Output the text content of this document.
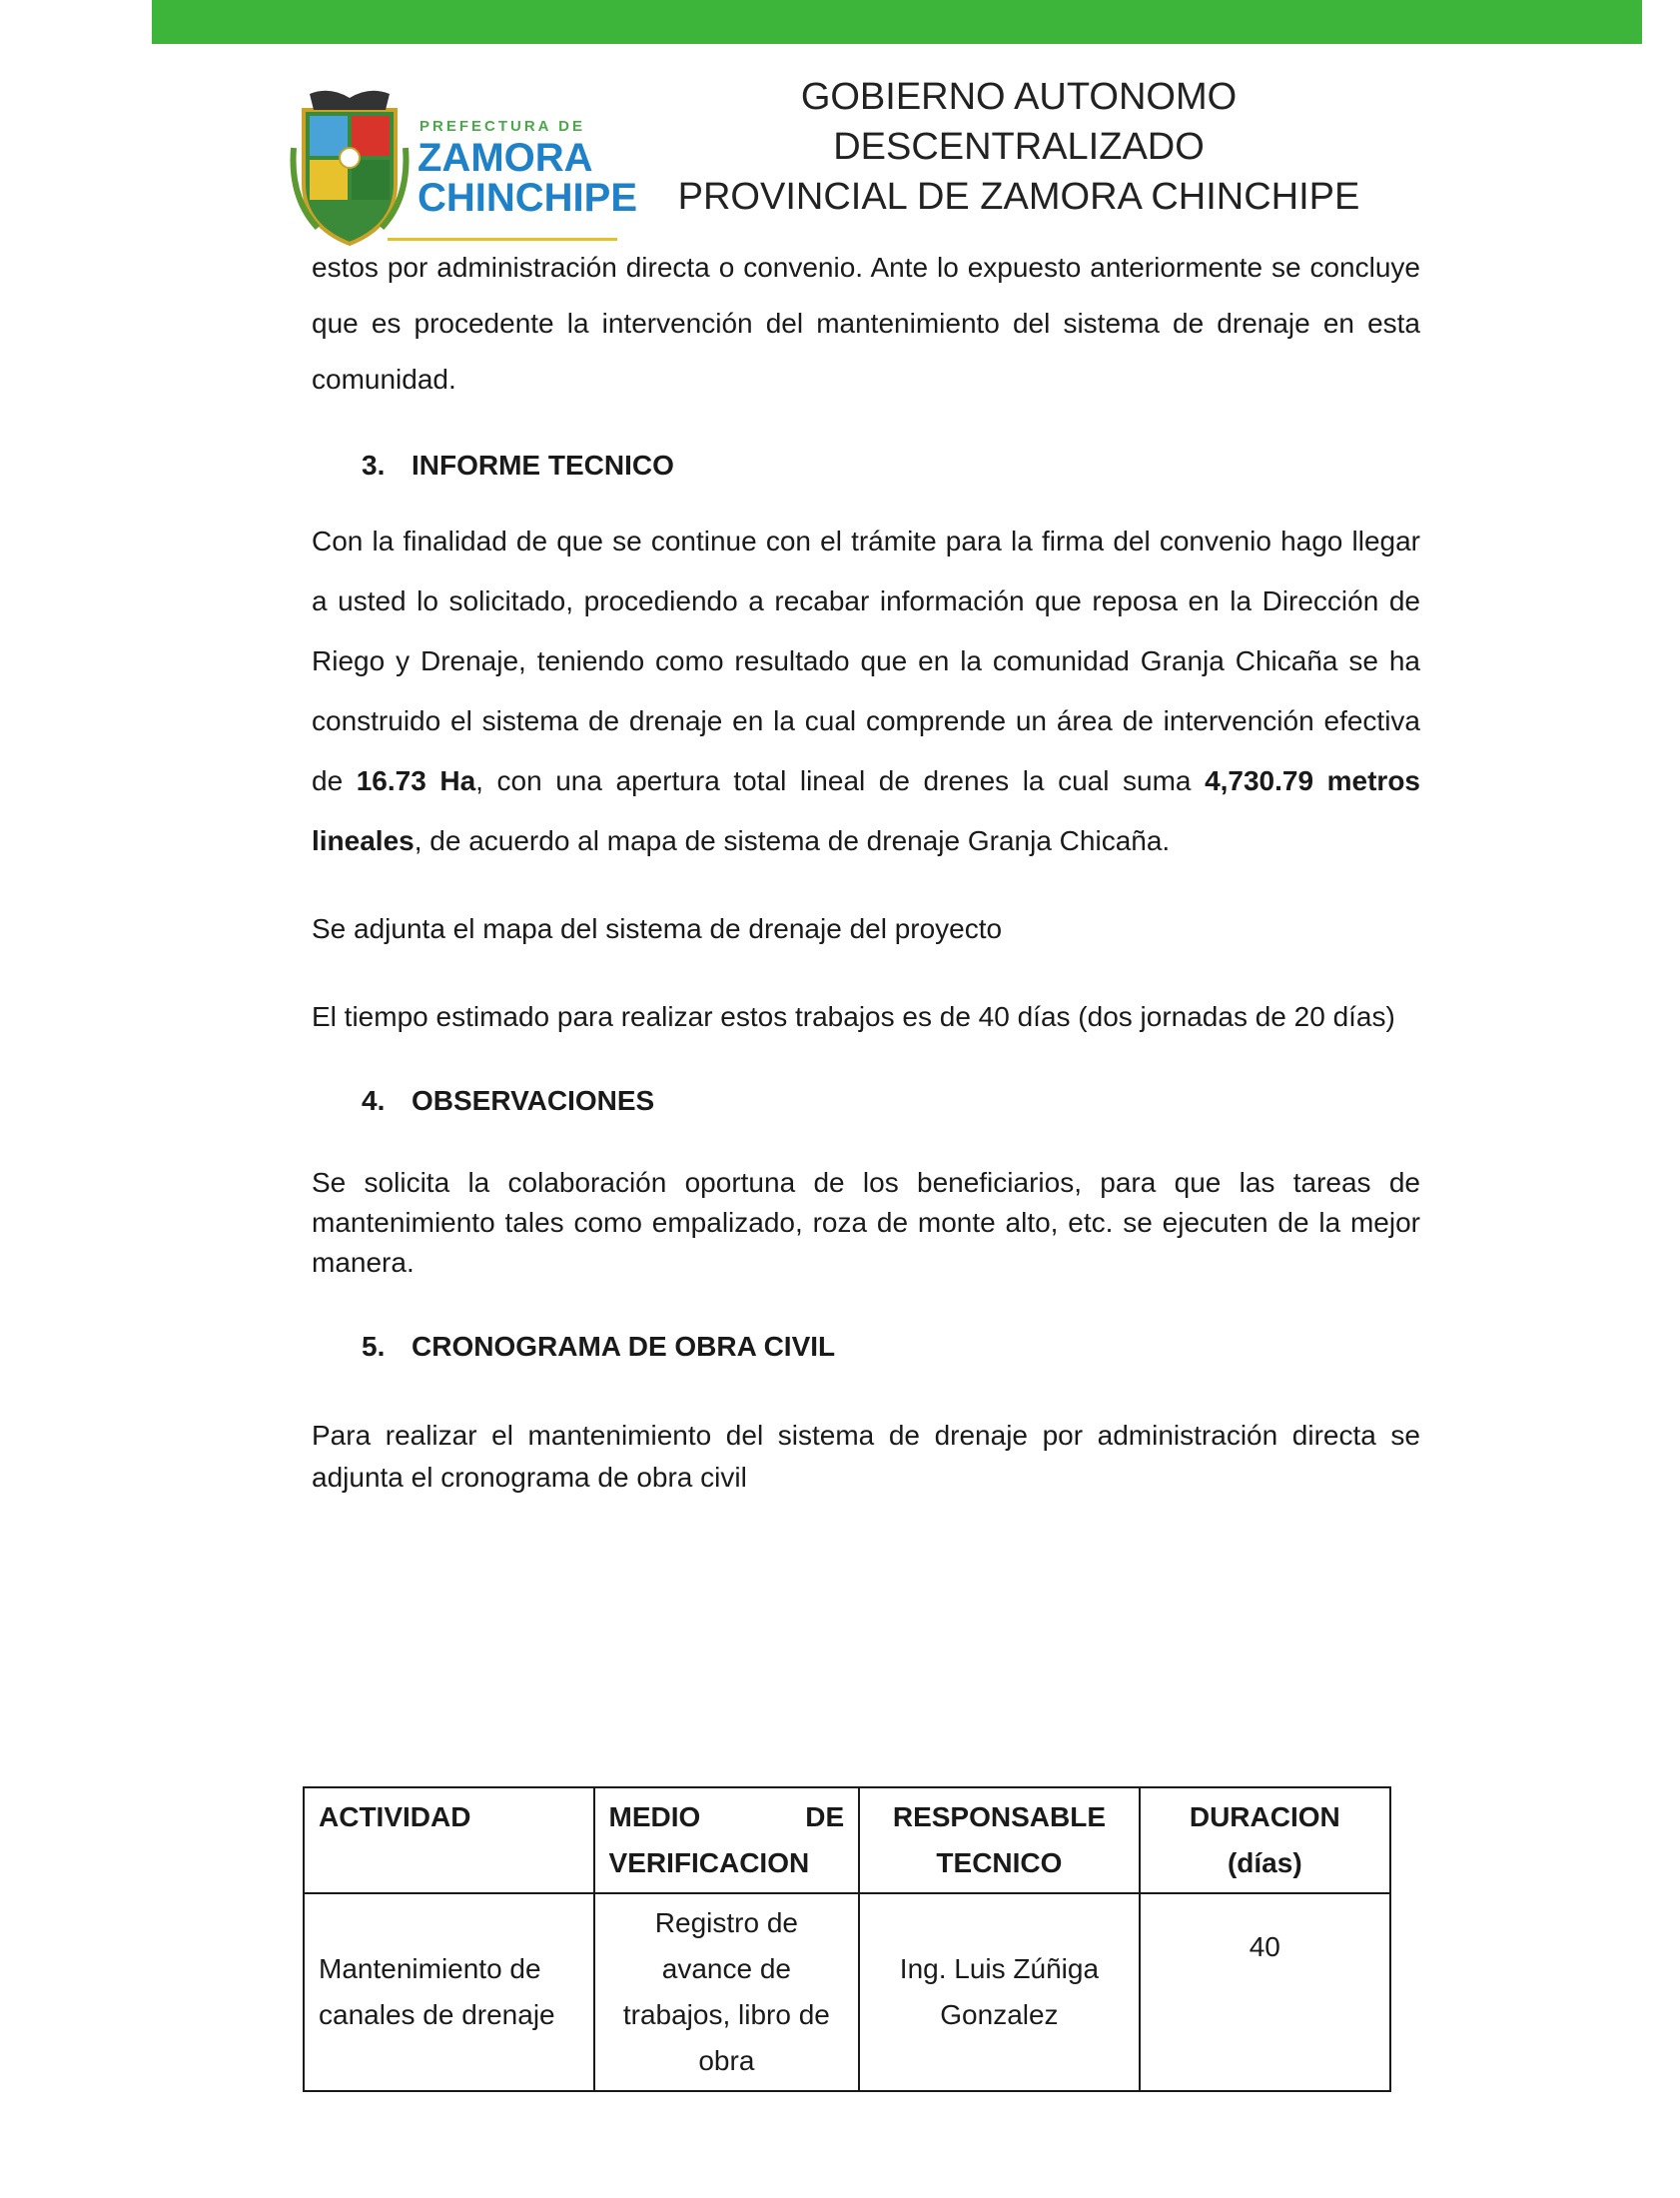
PREFECTURA DE
ZAMORA
CHINCHIPE
GOBIERNO AUTONOMO DESCENTRALIZADO
PROVINCIAL DE ZAMORA CHINCHIPE

estos por administración directa o convenio. Ante lo expuesto anteriormente se concluye que es procedente la intervención del mantenimiento del sistema de drenaje en esta comunidad.

3. INFORME TECNICO

Con la finalidad de que se continue con el trámite para la firma del convenio hago llegar a usted lo solicitado, procediendo a recabar información que reposa en la Dirección de Riego y Drenaje, teniendo como resultado que en la comunidad Granja Chicaña se ha construido el sistema de drenaje en la cual comprende un área de intervención efectiva de 16.73 Ha, con una apertura total lineal de drenes la cual suma 4,730.79 metros lineales, de acuerdo al mapa de sistema de drenaje Granja Chicaña.

Se adjunta el mapa del sistema de drenaje del proyecto

El tiempo estimado para realizar estos trabajos es de 40 días (dos jornadas de 20 días)

4. OBSERVACIONES

Se solicita la colaboración oportuna de los beneficiarios, para que las tareas de mantenimiento tales como empalizado, roza de monte alto, etc. se ejecuten de la mejor manera.

5. CRONOGRAMA DE OBRA CIVIL

Para realizar el mantenimiento del sistema de drenaje por administración directa se adjunta el cronograma de obra civil

ACTIVIDAD	MEDIO DE VERIFICACION	RESPONSABLE TECNICO	DURACION (días)
Mantenimiento de canales de drenaje	Registro de avance de trabajos, libro de obra	Ing. Luis Zúñiga Gonzalez	40
